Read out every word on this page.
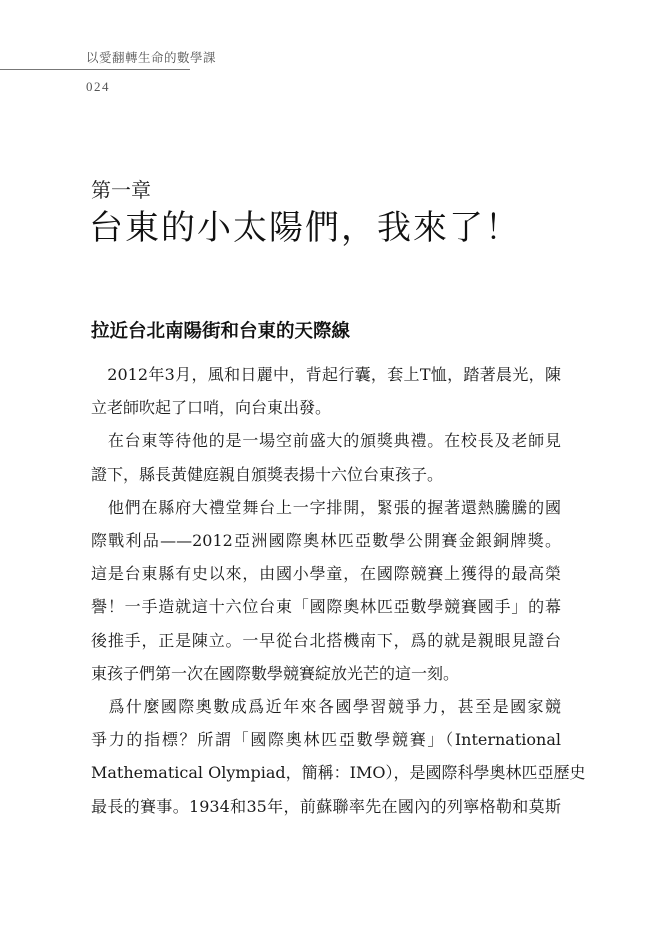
以愛翻轉生命的數學課
024
第一章
台東的小太陽們，我來了！
拉近台北南陽街和台東的天際線
　2012年3月，風和日麗中，背起行囊，套上T恤，踏著晨光，陳
立老師吹起了口哨，向台東出發。
　在台東等待他的是一場空前盛大的頒獎典禮。在校長及老師見
證下，縣長黃健庭親自頒獎表揚十六位台東孩子。
　他們在縣府大禮堂舞台上一字排開，緊張的握著還熱騰騰的國
際戰利品——2012亞洲國際奧林匹亞數學公開賽金銀銅牌獎。
這是台東縣有史以來，由國小學童，在國際競賽上獲得的最高榮
譽！一手造就這十六位台東「國際奧林匹亞數學競賽國手」的幕
後推手，正是陳立。一早從台北搭機南下，爲的就是親眼見證台
東孩子們第一次在國際數學競賽綻放光芒的這一刻。
　爲什麼國際奧數成爲近年來各國學習競爭力，甚至是國家競
爭力的指標？所謂「國際奧林匹亞數學競賽」（International
Mathematical Olympiad，簡稱：IMO），是國際科學奧林匹亞歷史
最長的賽事。1934和35年，前蘇聯率先在國內的列寧格勒和莫斯
